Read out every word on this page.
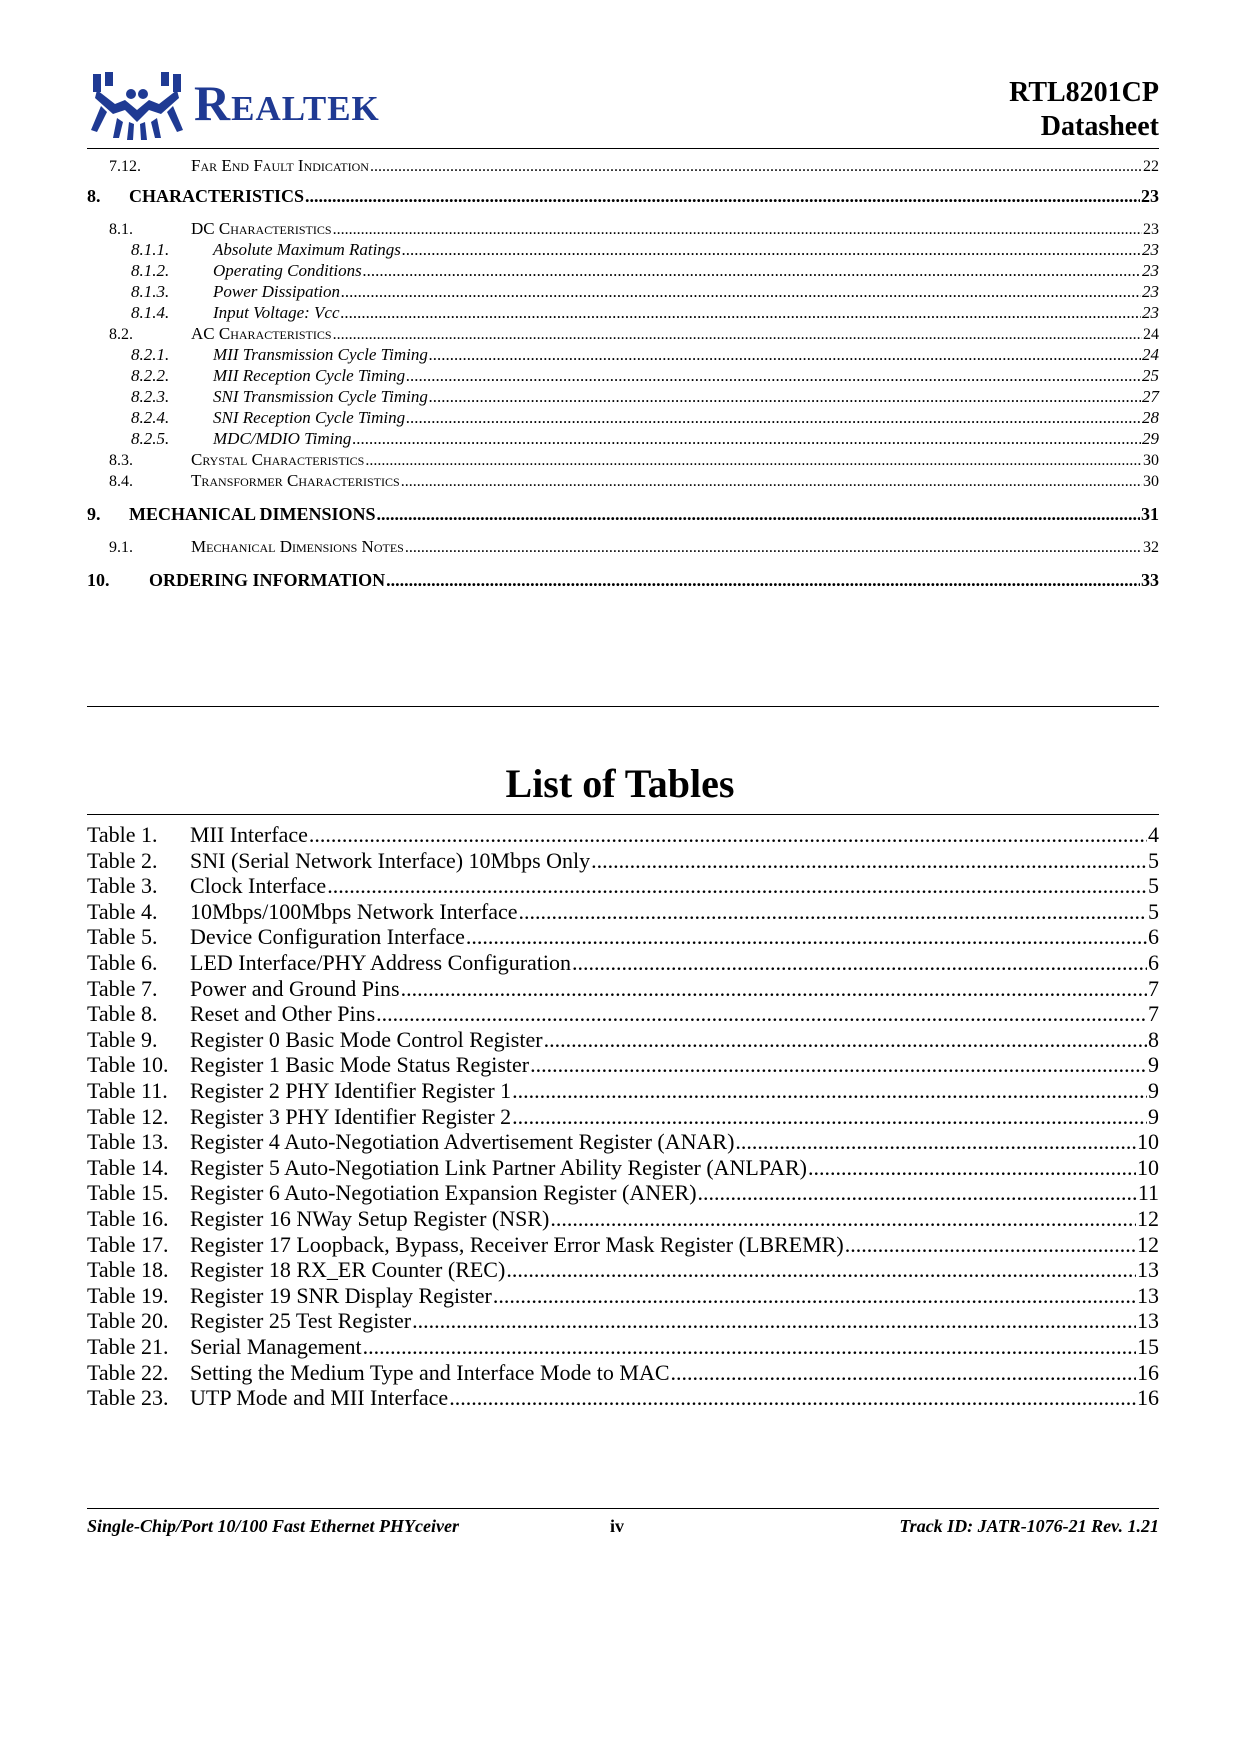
Realtek	RTL8201CP
Datasheet
7.12.	Far End Fault Indication .....	22
8.	CHARACTERISTICS .....	23
8.1.	DC Characteristics .....	23
8.1.1.	Absolute Maximum Ratings .....	23
8.1.2.	Operating Conditions .....	23
8.1.3.	Power Dissipation .....	23
8.1.4.	Input Voltage: Vcc .....	23
8.2.	AC Characteristics .....	24
8.2.1.	MII Transmission Cycle Timing .....	24
8.2.2.	MII Reception Cycle Timing .....	25
8.2.3.	SNI Transmission Cycle Timing .....	27
8.2.4.	SNI Reception Cycle Timing .....	28
8.2.5.	MDC/MDIO Timing .....	29
8.3.	Crystal Characteristics .....	30
8.4.	Transformer Characteristics .....	30
9.	MECHANICAL DIMENSIONS .....	31
9.1.	Mechanical Dimensions Notes .....	32
10.	ORDERING INFORMATION .....	33
List of Tables
Table 1.	MII Interface .....	4
Table 2.	SNI (Serial Network Interface) 10Mbps Only .....	5
Table 3.	Clock Interface .....	5
Table 4.	10Mbps/100Mbps Network Interface .....	5
Table 5.	Device Configuration Interface .....	6
Table 6.	LED Interface/PHY Address Configuration .....	6
Table 7.	Power and Ground Pins .....	7
Table 8.	Reset and Other Pins .....	7
Table 9.	Register 0 Basic Mode Control Register .....	8
Table 10. Register 1 Basic Mode Status Register .....	9
Table 11.	Register 2 PHY Identifier Register 1 .....	9
Table 12. Register 3 PHY Identifier Register 2 .....	9
Table 13. Register 4 Auto-Negotiation Advertisement Register (ANAR) .....	10
Table 14. Register 5 Auto-Negotiation Link Partner Ability Register (ANLPAR) .....	10
Table 15. Register 6 Auto-Negotiation Expansion Register (ANER) .....	11
Table 16. Register 16 NWay Setup Register (NSR) .....	12
Table 17. Register 17 Loopback, Bypass, Receiver Error Mask Register (LBREMR) .....	12
Table 18. Register 18 RX_ER Counter (REC) .....	13
Table 19. Register 19 SNR Display Register .....	13
Table 20. Register 25 Test Register .....	13
Table 21. Serial Management .....	15
Table 22. Setting the Medium Type and Interface Mode to MAC .....	16
Table 23. UTP Mode and MII Interface .....	16
Single-Chip/Port 10/100 Fast Ethernet PHYceiver	iv	Track ID: JATR-1076-21 Rev. 1.21
